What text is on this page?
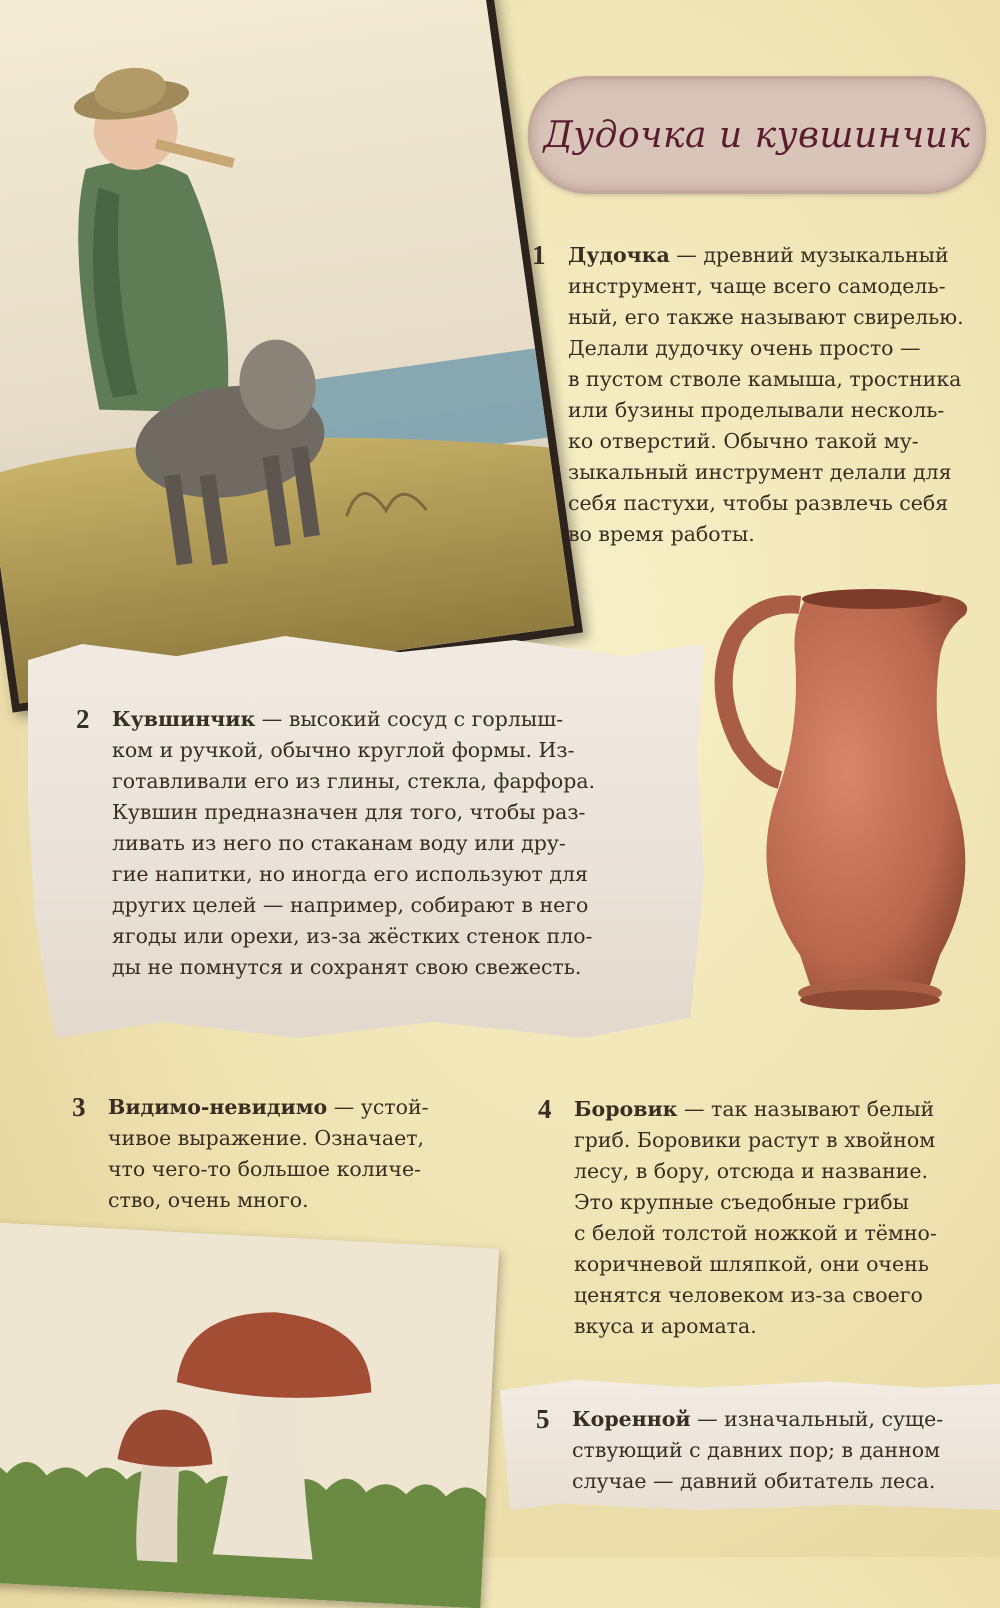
Дудочка и кувшинчик
1 Дудочка — древний музыкальный

инструмент, чаще всего самодель-

ный, его также называют свирелью.

Делали дудочку очень просто —

в пустом стволе камыша, тростника

или бузины проделывали несколь-

ко отверстий. Обычно такой му-

зыкальный инструмент делали для

себя пастухи, чтобы развлечь себя

во время работы.

2 Кувшинчик — высокий сосуд с горлыш-

ком и ручкой, обычно круглой формы. Из-

готавливали его из глины, стекла, фарфора.

Кувшин предназначен для того, чтобы раз-

ливать из него по стаканам воду или дру-

гие напитки, но иногда его используют для

других целей — например, собирают в него

ягоды или орехи, из-за жёстких стенок пло-

ды не помнутся и сохранят свою свежесть.

3 Видимо-невидимо — устой-

чивое выражение. Означает,

что чего-то большое количе-

ство, очень много.

4 Боровик — так называют белый

гриб. Боровики растут в хвойном

лесу, в бору, отсюда и название.

Это крупные съедобные грибы

с белой толстой ножкой и тёмно-

коричневой шляпкой, они очень

ценятся человеком из-за своего

вкуса и аромата.

5 Коренной — изначальный, суще-

ствующий с давних пор; в данном

случае — давний обитатель леса.
